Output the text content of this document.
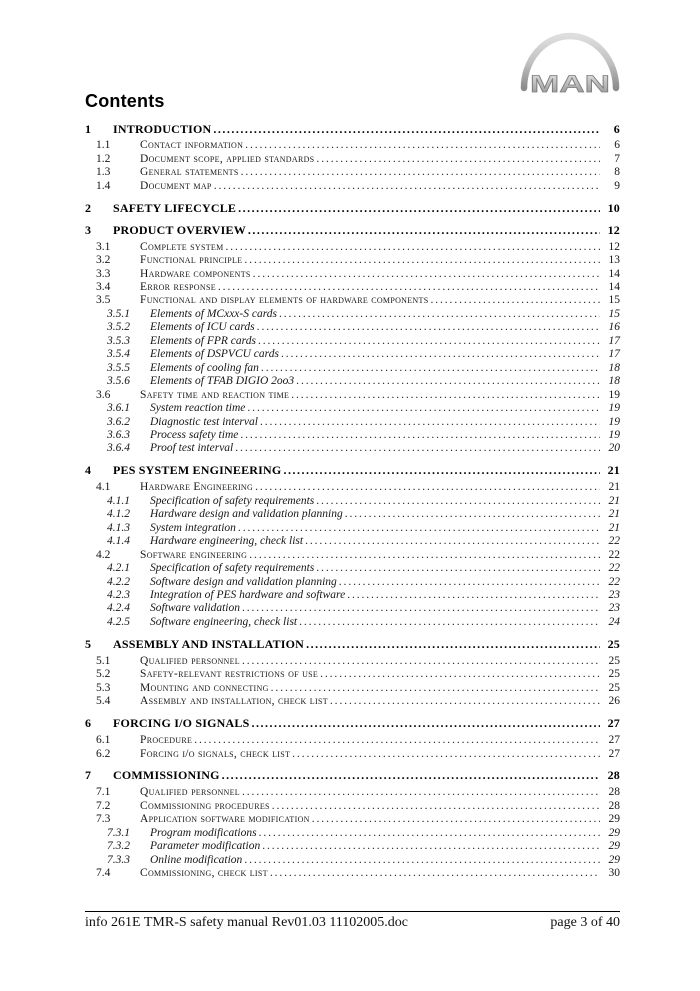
MAN
Contents
1	INTRODUCTION .....	6
1.1	Contact information .....	6
1.2	Document scope, applied standards .....	7
1.3	General statements .....	8
1.4	Document map .....	9
2	SAFETY LIFECYCLE .....	10
3	PRODUCT OVERVIEW .....	12
3.1	Complete system .....	12
3.2	Functional principle .....	13
3.3	Hardware components .....	14
3.4	Error response .....	14
3.5	Functional and display elements of hardware components .....	15
3.5.1	Elements of MCxxx-S cards .....	15
3.5.2	Elements of ICU cards .....	16
3.5.3	Elements of FPR cards .....	17
3.5.4	Elements of DSPVCU cards .....	17
3.5.5	Elements of cooling fan .....	18
3.5.6	Elements of TFAB DIGIO 2oo3 .....	18
3.6	Safety time and reaction time .....	19
3.6.1	System reaction time .....	19
3.6.2	Diagnostic test interval .....	19
3.6.3	Process safety time .....	19
3.6.4	Proof test interval .....	20
4	PES SYSTEM ENGINEERING .....	21
4.1	Hardware Engineering .....	21
4.1.1	Specification of safety requirements .....	21
4.1.2	Hardware design and validation planning .....	21
4.1.3	System integration .....	21
4.1.4	Hardware engineering, check list .....	22
4.2	Software engineering .....	22
4.2.1	Specification of safety requirements .....	22
4.2.2	Software design and validation planning .....	22
4.2.3	Integration of PES hardware and software .....	23
4.2.4	Software validation .....	23
4.2.5	Software engineering, check list .....	24
5	ASSEMBLY AND INSTALLATION .....	25
5.1	Qualified personnel .....	25
5.2	Safety-relevant restrictions of use .....	25
5.3	Mounting and connecting .....	25
5.4	Assembly and installation, check list .....	26
6	FORCING I/O SIGNALS .....	27
6.1	Procedure .....	27
6.2	Forcing i/o signals, check list .....	27
7	COMMISSIONING .....	28
7.1	Qualified personnel .....	28
7.2	Commissioning procedures .....	28
7.3	Application software modification .....	29
7.3.1	Program modifications .....	29
7.3.2	Parameter modification .....	29
7.3.3	Online modification .....	29
7.4	Commissioning, check list .....	30
info 261E TMR-S safety manual Rev01.03 11102005.doc	page 3 of 40
